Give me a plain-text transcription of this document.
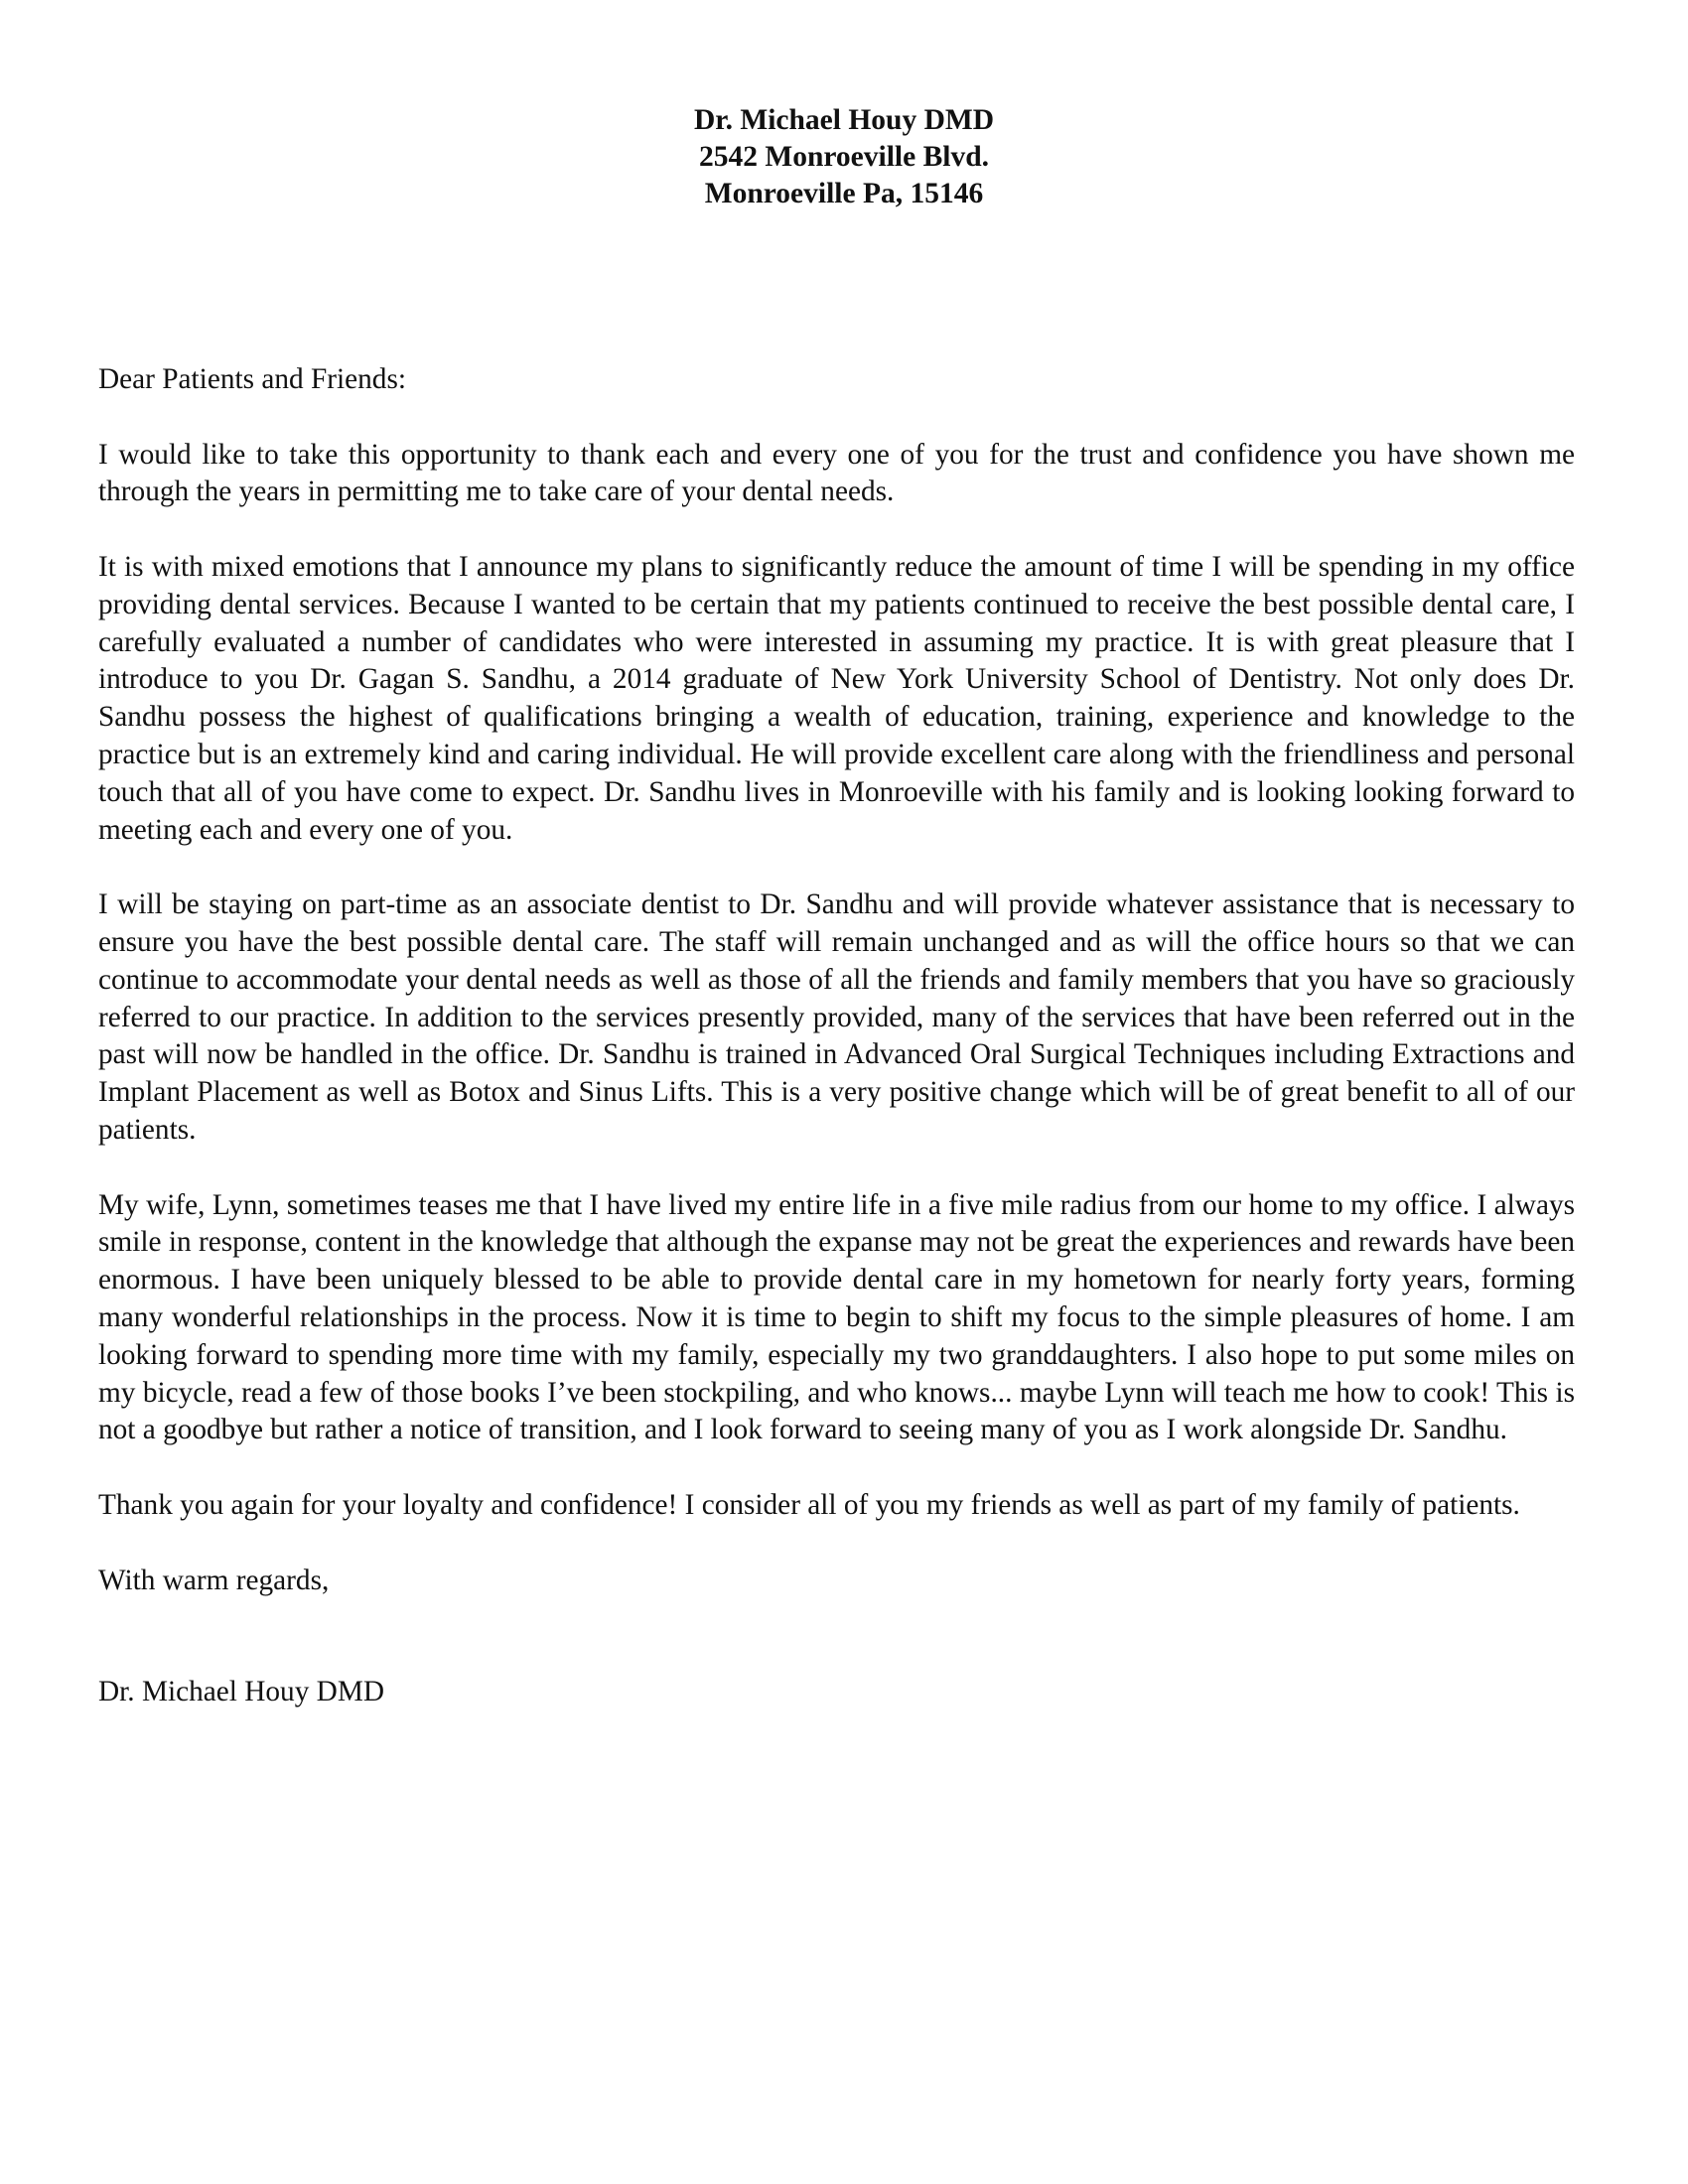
Dr. Michael Houy DMD
2542 Monroeville Blvd.
Monroeville Pa, 15146

Dear Patients and Friends:

I would like to take this opportunity to thank each and every one of you for the trust and confidence you have shown me through the years in permitting me to take care of your dental needs.

It is with mixed emotions that I announce my plans to significantly reduce the amount of time I will be spending in my office providing dental services. Because I wanted to be certain that my patients continued to receive the best possible dental care, I carefully evaluated a number of candidates who were interested in assuming my practice. It is with great pleasure that I introduce to you Dr. Gagan S. Sandhu, a 2014 graduate of New York University School of Dentistry. Not only does Dr. Sandhu possess the highest of qualifications bringing a wealth of education, training, experience and knowledge to the practice but is an extremely kind and caring individual. He will provide excellent care along with the friendliness and personal touch that all of you have come to expect. Dr. Sandhu lives in Monroeville with his family and is looking looking forward to meeting each and every one of you.

I will be staying on part-time as an associate dentist to Dr. Sandhu and will provide whatever assistance that is necessary to ensure you have the best possible dental care. The staff will remain unchanged and as will the office hours so that we can continue to accommodate your dental needs as well as those of all the friends and family members that you have so graciously referred to our practice. In addition to the services presently provided, many of the services that have been referred out in the past will now be handled in the office. Dr. Sandhu is trained in Advanced Oral Surgical Techniques including Extractions and Implant Placement as well as Botox and Sinus Lifts. This is a very positive change which will be of great benefit to all of our patients.

My wife, Lynn, sometimes teases me that I have lived my entire life in a five mile radius from our home to my office. I always smile in response, content in the knowledge that although the expanse may not be great the experiences and rewards have been enormous. I have been uniquely blessed to be able to provide dental care in my hometown for nearly forty years, forming many wonderful relationships in the process. Now it is time to begin to shift my focus to the simple pleasures of home. I am looking forward to spending more time with my family, especially my two granddaughters. I also hope to put some miles on my bicycle, read a few of those books I’ve been stockpiling, and who knows... maybe Lynn will teach me how to cook! This is not a goodbye but rather a notice of transition, and I look forward to seeing many of you as I work alongside Dr. Sandhu.

Thank you again for your loyalty and confidence! I consider all of you my friends as well as part of my family of patients.

With warm regards,

Dr. Michael Houy DMD
